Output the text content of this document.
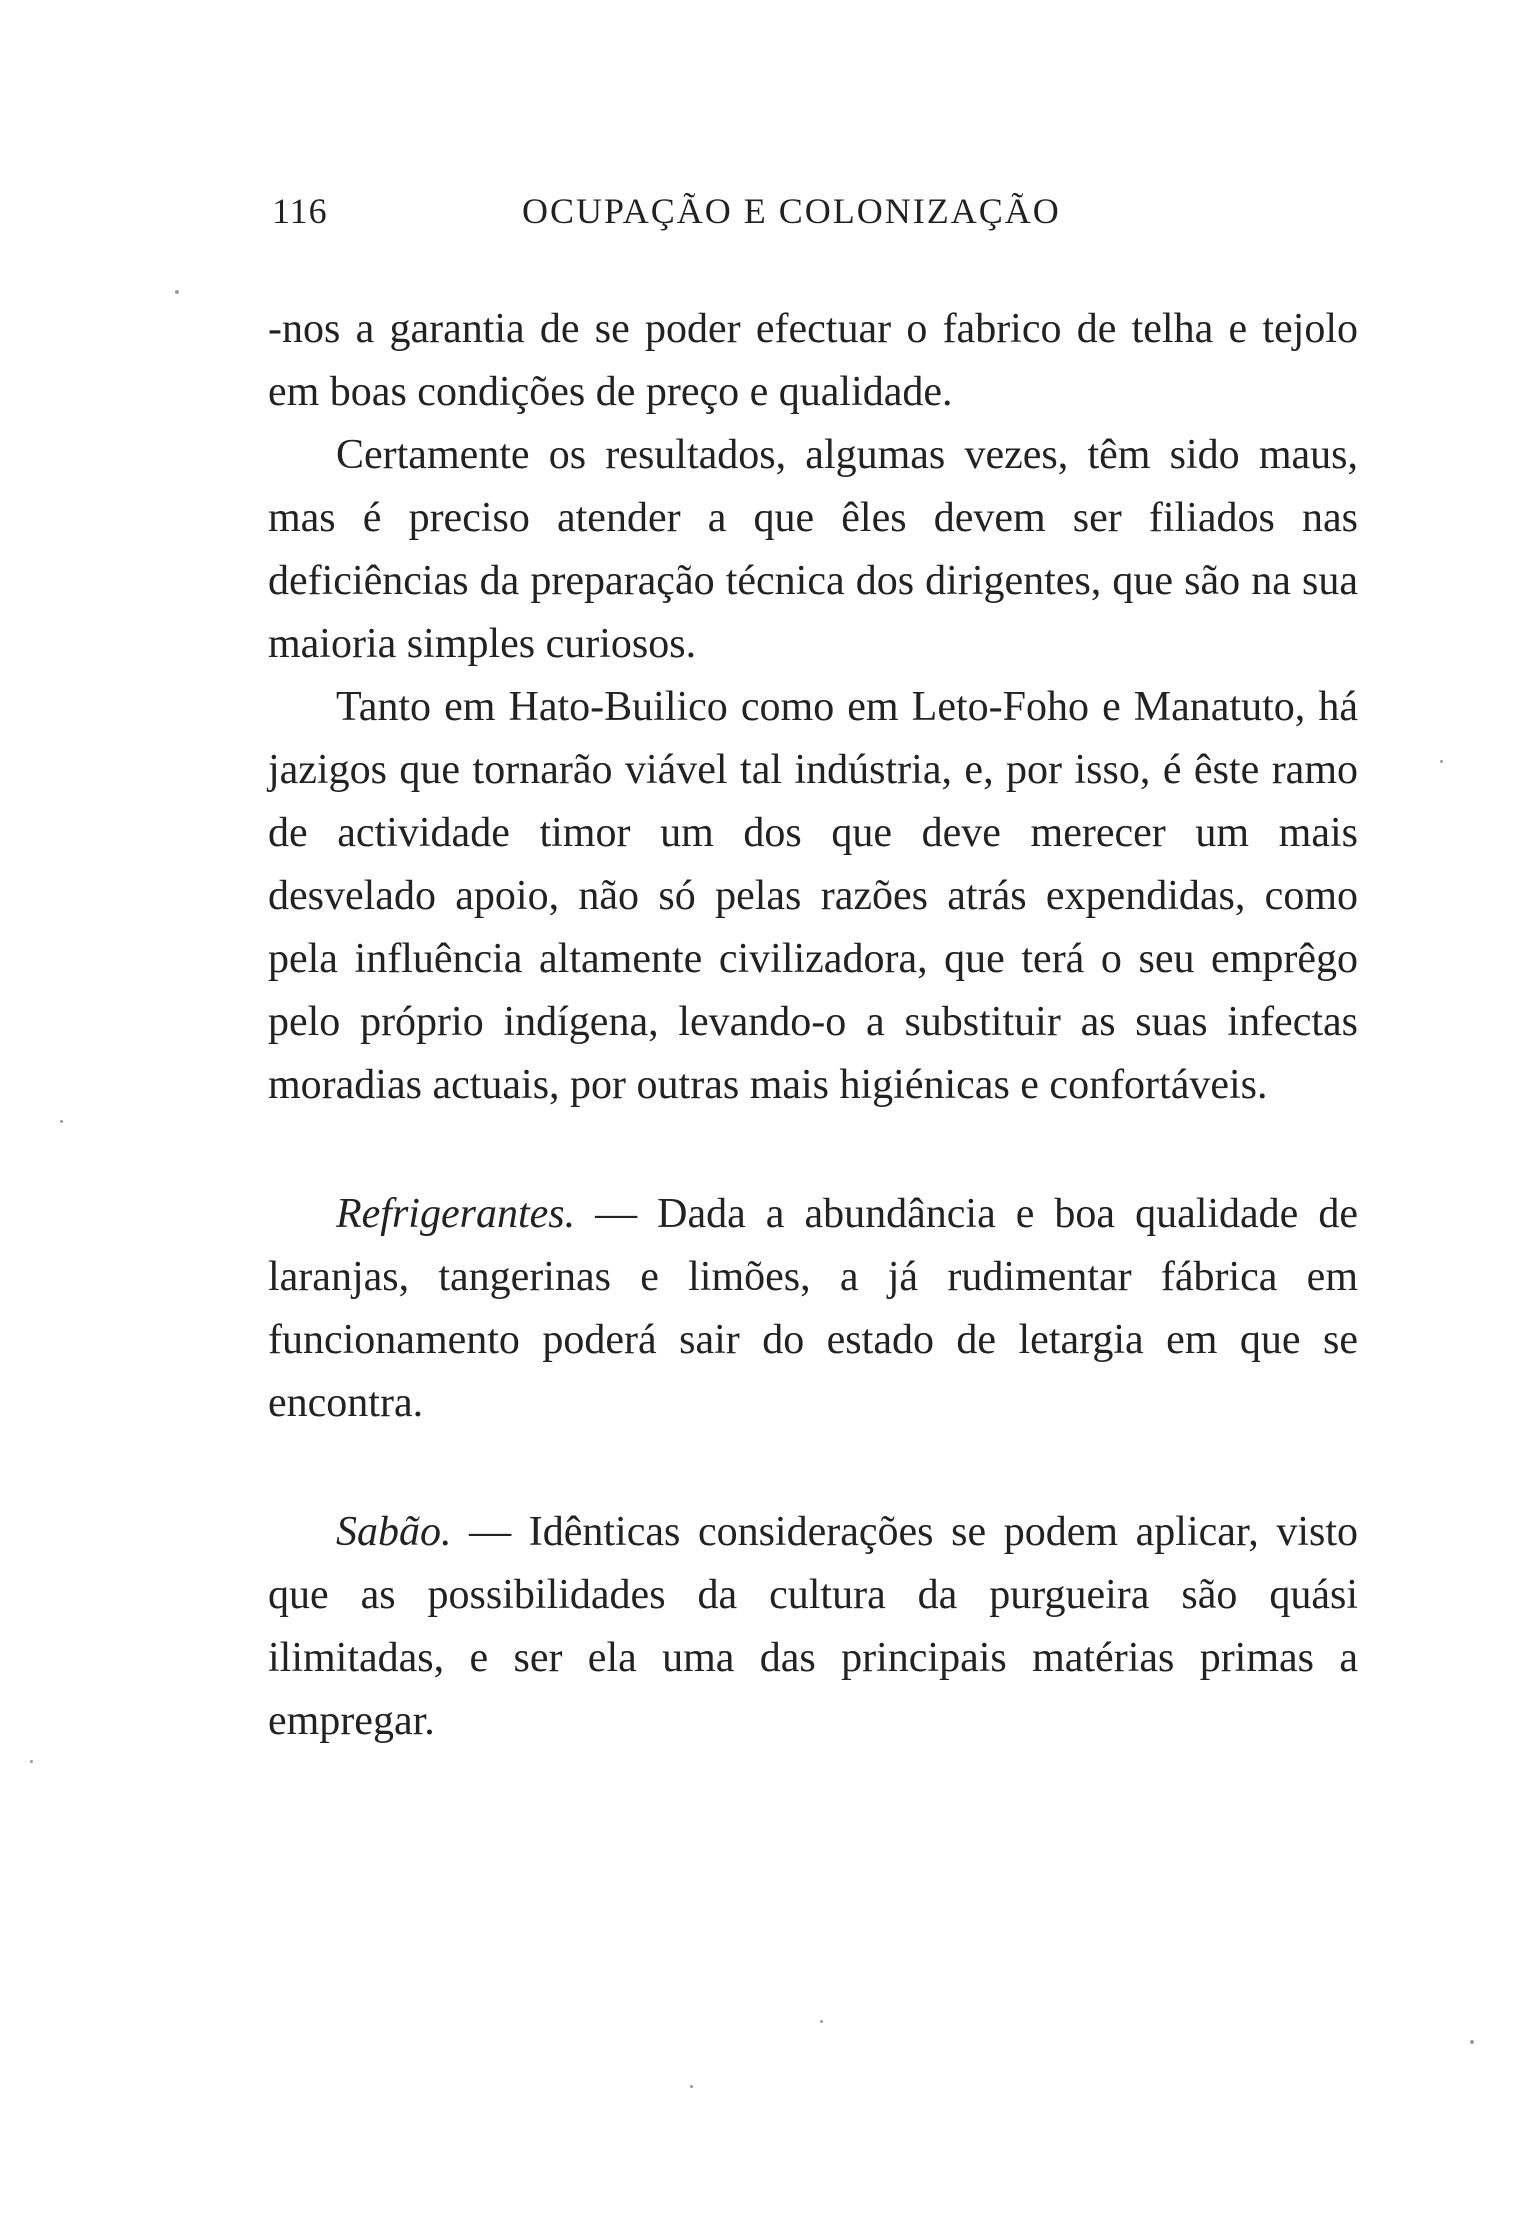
116	OCUPAÇÃO E COLONIZAÇÃO

-nos a garantia de se poder efectuar o fabrico de telha e tejolo em boas condições de preço e qualidade.

Certamente os resultados, algumas vezes, têm sido maus, mas é preciso atender a que êles devem ser filiados nas deficiências da preparação técnica dos dirigentes, que são na sua maioria simples curiosos.

Tanto em Hato-Builico como em Leto-Foho e Manatuto, há jazigos que tornarão viável tal indústria, e, por isso, é êste ramo de actividade timor um dos que deve merecer um mais desvelado apoio, não só pelas razões atrás expendidas, como pela influência altamente civilizadora, que terá o seu emprêgo pelo próprio indígena, levando-o a substituir as suas infectas moradias actuais, por outras mais higiénicas e confortáveis.

Refrigerantes. — Dada a abundância e boa qualidade de laranjas, tangerinas e limões, a já rudimentar fábrica em funcionamento poderá sair do estado de letargia em que se encontra.

Sabão. — Idênticas considerações se podem aplicar, visto que as possibilidades da cultura da purgueira são quási ilimitadas, e ser ela uma das principais matérias primas a empregar.
